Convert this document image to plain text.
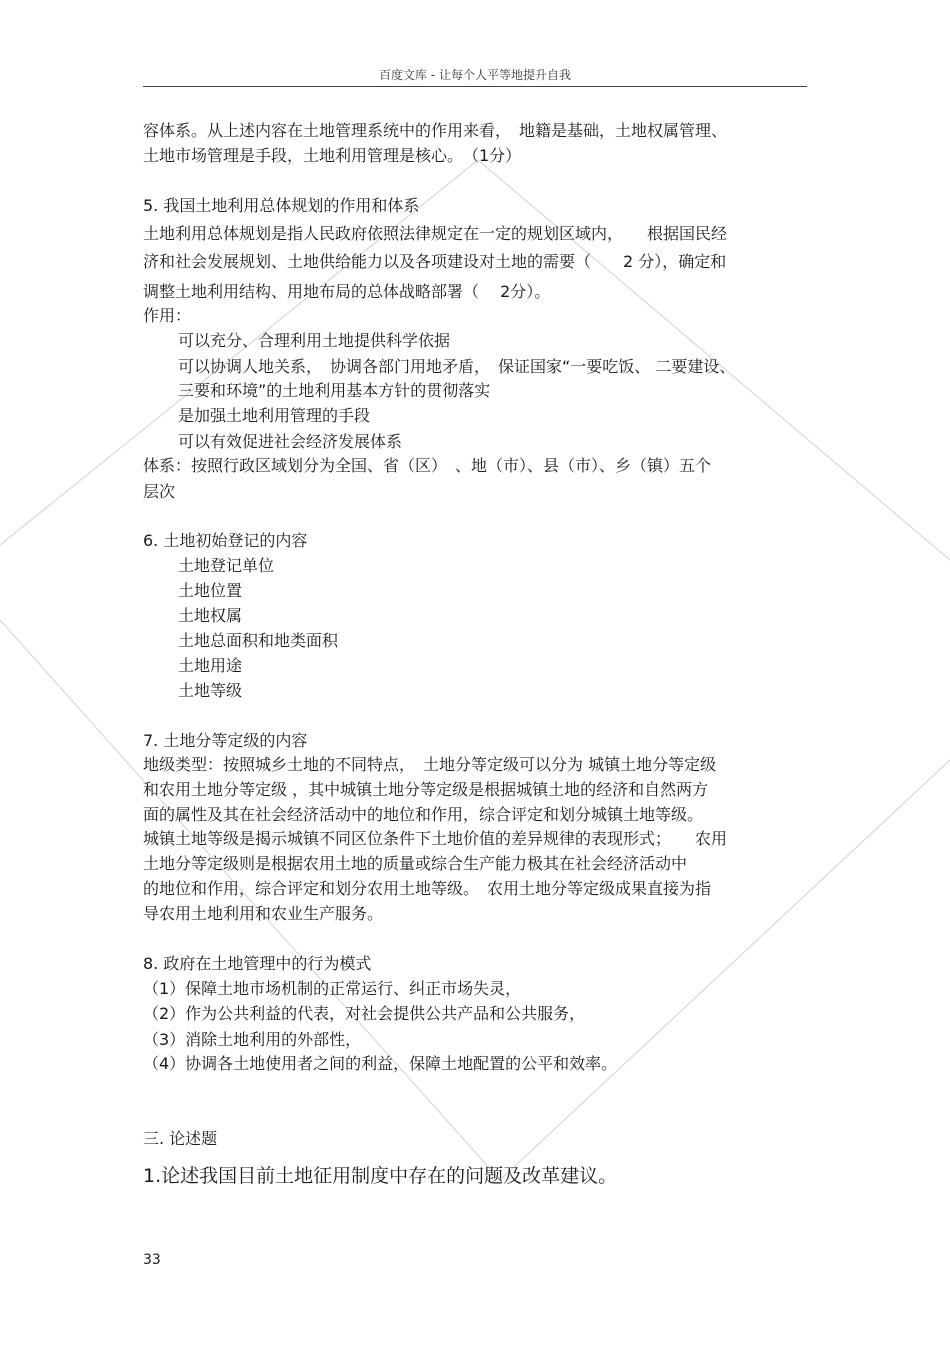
百度文库 - 让每个人平等地提升自我
容体系。从上述内容在土地管理系统中的作用来看，　地籍是基础，土地权属管理、
土地市场管理是手段，土地利用管理是核心。　（1分）
5. 我国土地利用总体规划的作用和体系
土地利用总体规划是指人民政府依照法律规定在一定的规划区域内，　　根据国民经
济和社会发展规划、土地供给能力以及各项建设对土地的需要（　　2 分），确定和
调整土地利用结构、用地布局的总体战略部署（　 2分）。
作用：
可以充分、合理利用土地提供科学依据
可以协调人地关系，　协调各部门用地矛盾，　保证国家“一要吃饭、 二要建设、
三要和环境”的土地利用基本方针的贯彻落实
是加强土地利用管理的手段
可以有效促进社会经济发展体系
体系：按照行政区域划分为全国、省（区）　、地（市）、县（市）、乡（镇）五个
层次
6. 土地初始登记的内容
土地登记单位
土地位置
土地权属
土地总面积和地类面积
土地用途
土地等级
7. 土地分等定级的内容
地级类型：按照城乡土地的不同特点，　土地分等定级可以分为 城镇土地分等定级
和农用土地分等定级 ，其中城镇土地分等定级是根据城镇土地的经济和自然两方
面的属性及其在社会经济活动中的地位和作用，综合评定和划分城镇土地等级。
城镇土地等级是揭示城镇不同区位条件下土地价值的差异规律的表现形式；　　农用
土地分等定级则是根据农用土地的质量或综合生产能力极其在社会经济活动中
的地位和作用，综合评定和划分农用土地等级。　农用土地分等定级成果直接为指
导农用土地利用和农业生产服务。
8. 政府在土地管理中的行为模式
（1）保障土地市场机制的正常运行、纠正市场失灵，
（2）作为公共利益的代表，对社会提供公共产品和公共服务，
（3）消除土地利用的外部性，
（4）协调各土地使用者之间的利益，保障土地配置的公平和效率。
三. 论述题
1.论述我国目前土地征用制度中存在的问题及改革建议。
33
